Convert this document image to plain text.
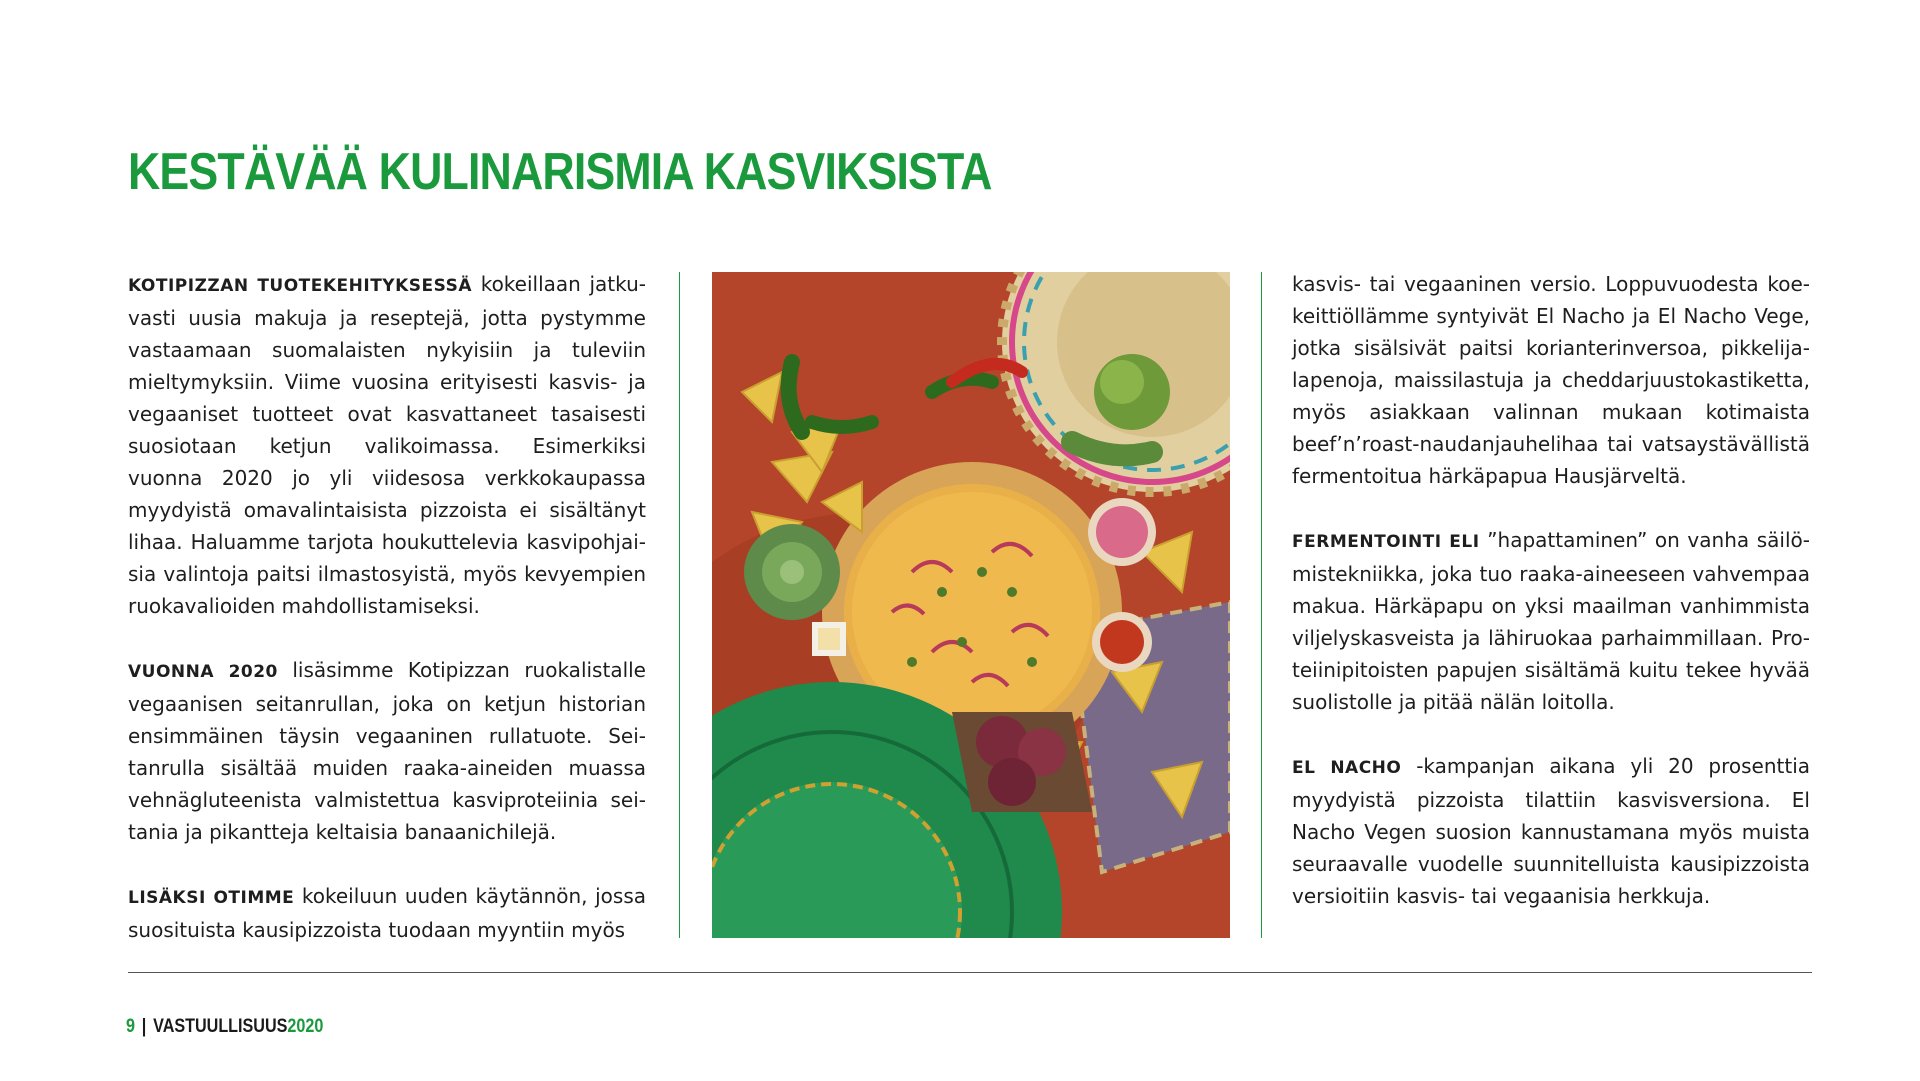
KESTÄVÄÄ KULINARISMIA KASVIKSISTA

KOTIPIZZAN TUOTEKEHITYKSESSÄ kokeillaan jatkuvasti uusia makuja ja reseptejä, jotta pystymme vastaamaan suomalaisten nykyisiin ja tuleviin mieltymyksiin. Viime vuosina erityisesti kasvis- ja vegaaniset tuotteet ovat kasvattaneet tasaisesti suosiotaan ketjun valikoimassa. Esimerkiksi vuonna 2020 jo yli viidesosa verkkokaupassa myydyistä omavalintaisista pizzoista ei sisältänyt lihaa. Haluamme tarjota houkuttelevia kasvipohjaisia valintoja paitsi ilmastosyistä, myös kevyempien ruokavalioiden mahdollistamiseksi.

VUONNA 2020 lisäsimme Kotipizzan ruokalistalle vegaanisen seitanrullan, joka on ketjun historian ensimmäinen täysin vegaaninen rullatuote. Seitanrulla sisältää muiden raaka-aineiden muassa vehnägluteenista valmistettua kasviproteiinia seitania ja pikantteja keltaisia banaanichilejä.

LISÄKSI OTIMME kokeiluun uuden käytännön, jossa suosituista kausipizzoista tuodaan myyntiin myös

kasvis- tai vegaaninen versio. Loppuvuodesta koekeittiöllämme syntyivät El Nacho ja El Nacho Vege, jotka sisälsivät paitsi korianterinversoa, pikkelijalapenoja, maissilastuja ja cheddarjuustokastiketta, myös asiakkaan valinnan mukaan kotimaista beef’n’roast-naudanjauhelihaa tai vatsaystävällistä fermentoitua härkäpapua Hausjärveltä.

FERMENTOINTI ELI ”hapattaminen” on vanha säilömistekniikka, joka tuo raaka-aineeseen vahvempaa makua. Härkäpapu on yksi maailman vanhimmista viljelyskasveista ja lähiruokaa parhaimmillaan. Proteiinipitoisten papujen sisältämä kuitu tekee hyvää suolistolle ja pitää nälän loitolla.

EL NACHO -kampanjan aikana yli 20 prosenttia myydyistä pizzoista tilattiin kasvisversiona. El Nacho Vegen suosion kannustamana myös muista seuraavalle vuodelle suunnitelluista kausipizzoista versioitiin kasvis- tai vegaanisia herkkuja.

9 | VASTUULLISUUS2020
